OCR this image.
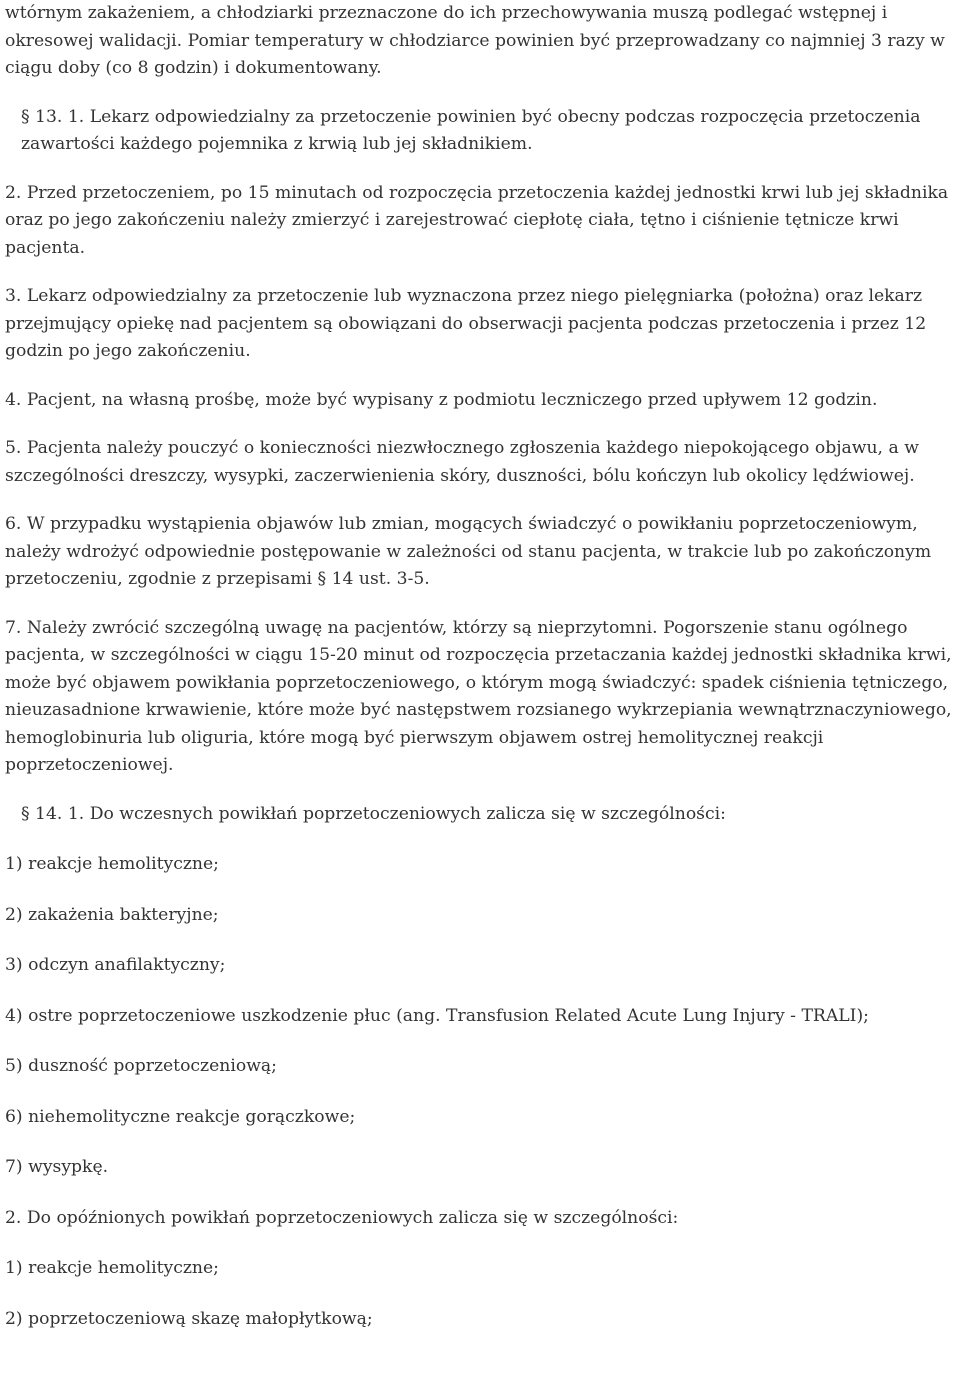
wtórnym zakażeniem, a chłodziarki przeznaczone do ich przechowywania muszą podlegać wstępnej i okresowej walidacji. Pomiar temperatury w chłodziarce powinien być przeprowadzany co najmniej 3 razy w ciągu doby (co 8 godzin) i dokumentowany.

§ 13. 1. Lekarz odpowiedzialny za przetoczenie powinien być obecny podczas rozpoczęcia przetoczenia zawartości każdego pojemnika z krwią lub jej składnikiem.

2. Przed przetoczeniem, po 15 minutach od rozpoczęcia przetoczenia każdej jednostki krwi lub jej składnika oraz po jego zakończeniu należy zmierzyć i zarejestrować ciepłotę ciała, tętno i ciśnienie tętnicze krwi pacjenta.

3. Lekarz odpowiedzialny za przetoczenie lub wyznaczona przez niego pielęgniarka (położna) oraz lekarz przejmujący opiekę nad pacjentem są obowiązani do obserwacji pacjenta podczas przetoczenia i przez 12 godzin po jego zakończeniu.

4. Pacjent, na własną prośbę, może być wypisany z podmiotu leczniczego przed upływem 12 godzin.

5. Pacjenta należy pouczyć o konieczności niezwłocznego zgłoszenia każdego niepokojącego objawu, a w szczególności dreszczy, wysypki, zaczerwienienia skóry, duszności, bólu kończyn lub okolicy lędźwiowej.

6. W przypadku wystąpienia objawów lub zmian, mogących świadczyć o powikłaniu poprzetoczeniowym, należy wdrożyć odpowiednie postępowanie w zależności od stanu pacjenta, w trakcie lub po zakończonym przetoczeniu, zgodnie z przepisami § 14 ust. 3-5.

7. Należy zwrócić szczególną uwagę na pacjentów, którzy są nieprzytomni. Pogorszenie stanu ogólnego pacjenta, w szczególności w ciągu 15-20 minut od rozpoczęcia przetaczania każdej jednostki składnika krwi, może być objawem powikłania poprzetoczeniowego, o którym mogą świadczyć: spadek ciśnienia tętniczego, nieuzasadnione krwawienie, które może być następstwem rozsianego wykrzepiania wewnątrznaczyniowego, hemoglobinuria lub oliguria, które mogą być pierwszym objawem ostrej hemolitycznej reakcji poprzetoczeniowej.

§ 14. 1. Do wczesnych powikłań poprzetoczeniowych zalicza się w szczególności:

1) reakcje hemolityczne;

2) zakażenia bakteryjne;

3) odczyn anafilaktyczny;

4) ostre poprzetoczeniowe uszkodzenie płuc (ang. Transfusion Related Acute Lung Injury - TRALI);

5) duszność poprzetoczeniową;

6) niehemolityczne reakcje gorączkowe;

7) wysypkę.

2. Do opóźnionych powikłań poprzetoczeniowych zalicza się w szczególności:

1) reakcje hemolityczne;

2) poprzetoczeniową skazę małopłytkową;
